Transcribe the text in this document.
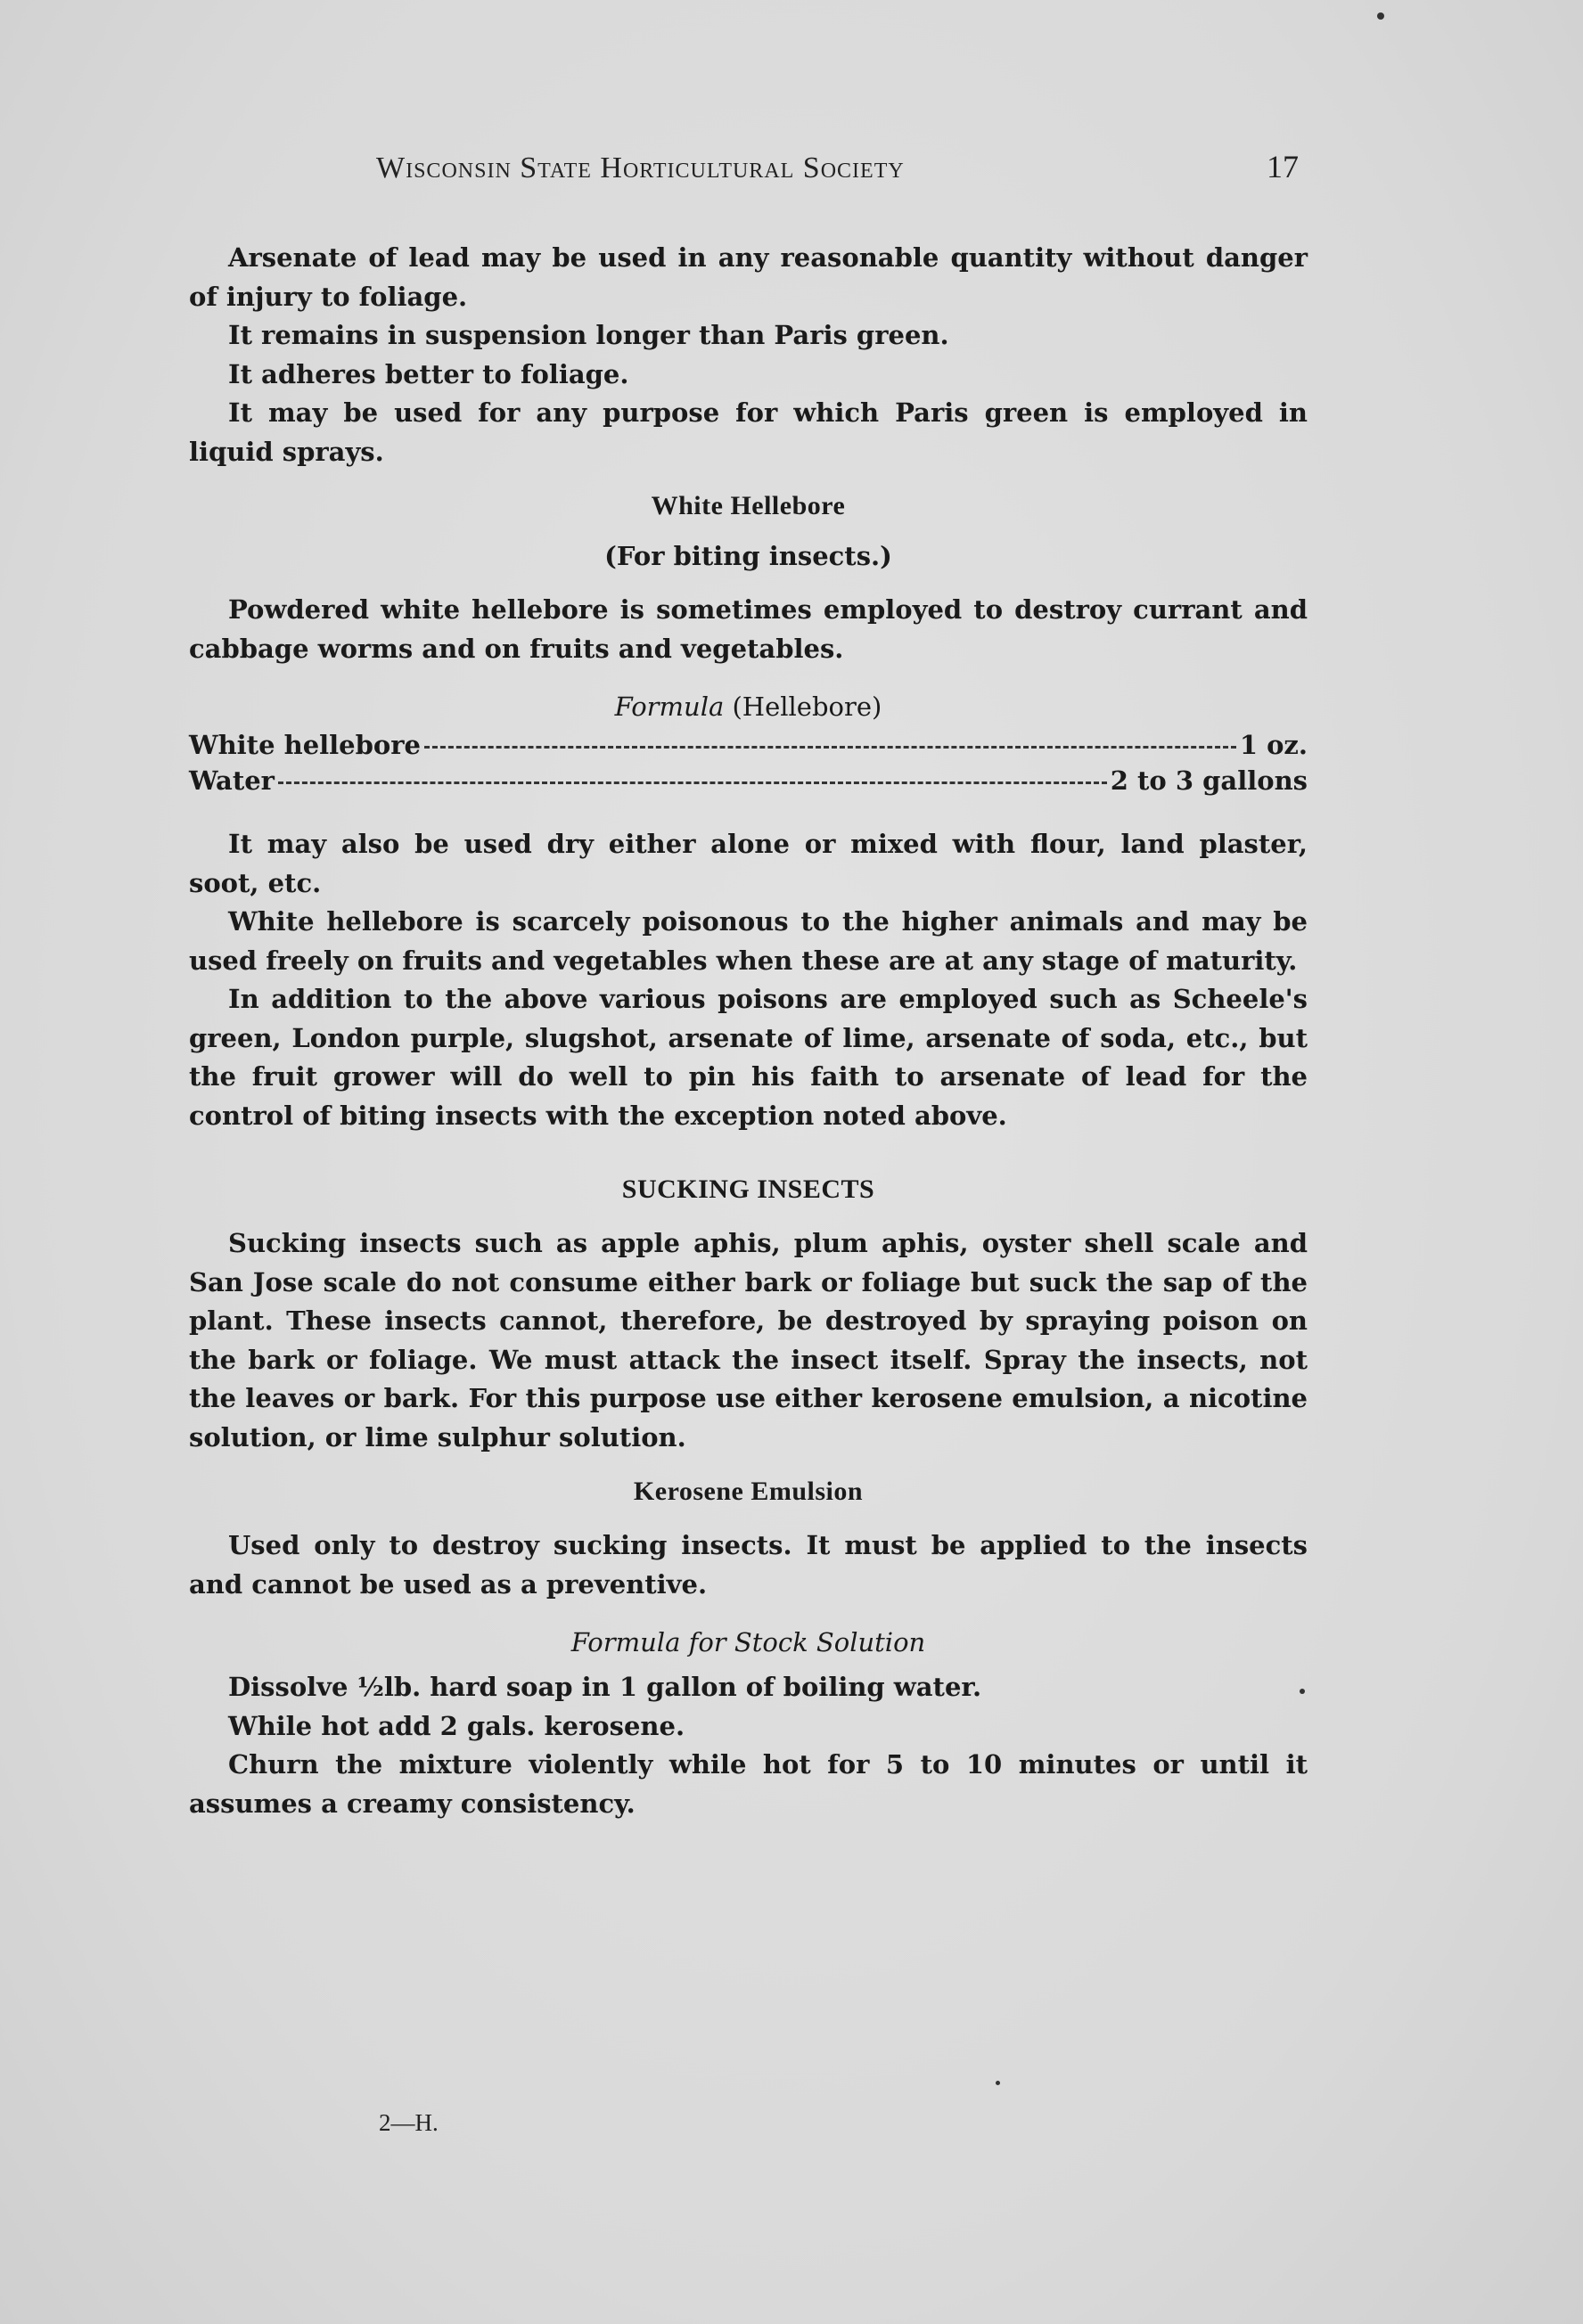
Wisconsin State Horticultural Society	17

Arsenate of lead may be used in any reasonable quantity without danger of injury to foliage.

It remains in suspension longer than Paris green.

It adheres better to foliage.

It may be used for any purpose for which Paris green is employed in liquid sprays.

White Hellebore
(For biting insects.)

Powdered white hellebore is sometimes employed to destroy currant and cabbage worms and on fruits and vegetables.

Formula (Hellebore)
White hellebore	1 oz.
Water	2 to 3 gallons

It may also be used dry either alone or mixed with flour, land plaster, soot, etc.

White hellebore is scarcely poisonous to the higher animals and may be used freely on fruits and vegetables when these are at any stage of maturity.

In addition to the above various poisons are employed such as Scheele's green, London purple, slugshot, arsenate of lime, arsenate of soda, etc., but the fruit grower will do well to pin his faith to arsenate of lead for the control of biting insects with the exception noted above.

SUCKING INSECTS

Sucking insects such as apple aphis, plum aphis, oyster shell scale and San Jose scale do not consume either bark or foliage but suck the sap of the plant. These insects cannot, therefore, be destroyed by spraying poison on the bark or foliage. We must attack the insect itself. Spray the insects, not the leaves or bark. For this purpose use either kerosene emulsion, a nicotine solution, or lime sulphur solution.

Kerosene Emulsion

Used only to destroy sucking insects. It must be applied to the insects and cannot be used as a preventive.

Formula for Stock Solution

Dissolve ½lb. hard soap in 1 gallon of boiling water.

While hot add 2 gals. kerosene.

Churn the mixture violently while hot for 5 to 10 minutes or until it assumes a creamy consistency.

2—H.
